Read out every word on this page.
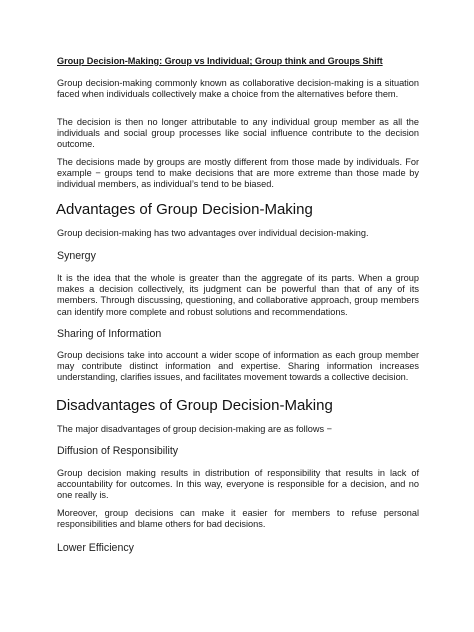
Group Decision-Making: Group vs Individual; Group think and Groups Shift

Group decision-making commonly known as collaborative decision-making is a situation faced when individuals collectively make a choice from the alternatives before them.

The decision is then no longer attributable to any individual group member as all the individuals and social group processes like social influence contribute to the decision outcome.

The decisions made by groups are mostly different from those made by individuals. For example − groups tend to make decisions that are more extreme than those made by individual members, as individual’s tend to be biased.

Advantages of Group Decision-Making

Group decision-making has two advantages over individual decision-making.

Synergy

It is the idea that the whole is greater than the aggregate of its parts. When a group makes a decision collectively, its judgment can be powerful than that of any of its members. Through discussing, questioning, and collaborative approach, group members can identify more complete and robust solutions and recommendations.

Sharing of Information

Group decisions take into account a wider scope of information as each group member may contribute distinct information and expertise. Sharing information increases understanding, clarifies issues, and facilitates movement towards a collective decision.

Disadvantages of Group Decision-Making

The major disadvantages of group decision-making are as follows −

Diffusion of Responsibility

Group decision making results in distribution of responsibility that results in lack of accountability for outcomes. In this way, everyone is responsible for a decision, and no one really is.

Moreover, group decisions can make it easier for members to refuse personal responsibilities and blame others for bad decisions.

Lower Efficiency
